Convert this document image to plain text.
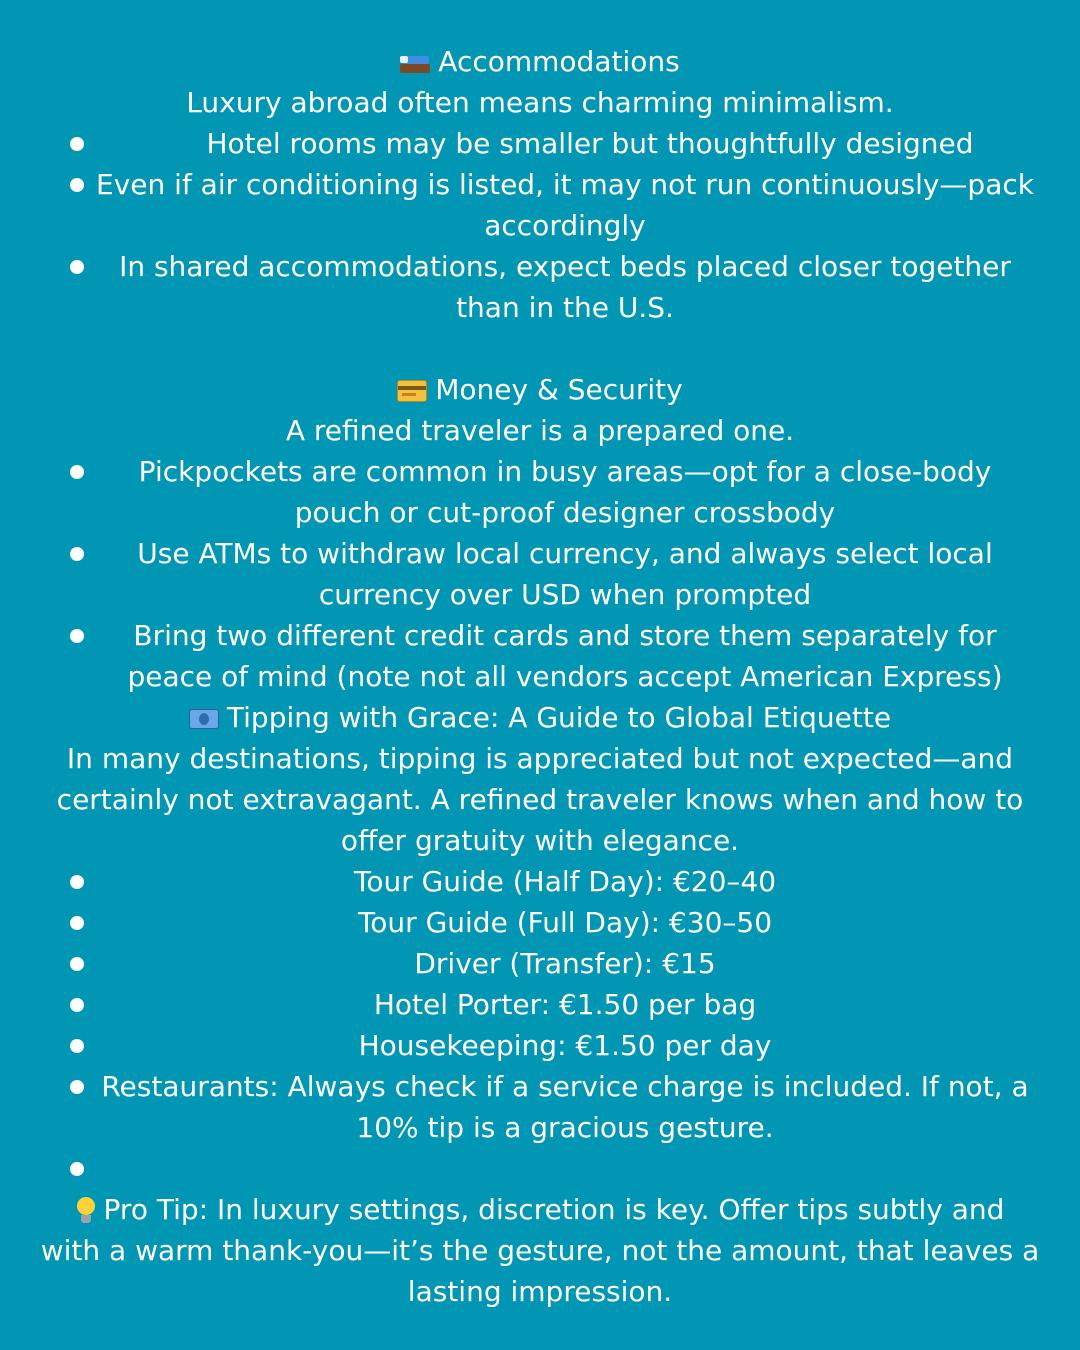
Accommodations
Luxury abroad often means charming minimalism.
Hotel rooms may be smaller but thoughtfully designed
Even if air conditioning is listed, it may not run continuously—pack
accordingly
In shared accommodations, expect beds placed closer together
than in the U.S.
Money & Security
A refined traveler is a prepared one.
Pickpockets are common in busy areas—opt for a close-body
pouch or cut-proof designer crossbody
Use ATMs to withdraw local currency, and always select local
currency over USD when prompted
Bring two different credit cards and store them separately for
peace of mind (note not all vendors accept American Express)
Tipping with Grace: A Guide to Global Etiquette
In many destinations, tipping is appreciated but not expected—and
certainly not extravagant. A refined traveler knows when and how to
offer gratuity with elegance.
Tour Guide (Half Day): €20–40
Tour Guide (Full Day): €30–50
Driver (Transfer): €15
Hotel Porter: €1.50 per bag
Housekeeping: €1.50 per day
Restaurants: Always check if a service charge is included. If not, a
10% tip is a gracious gesture.
Pro Tip: In luxury settings, discretion is key. Offer tips subtly and
with a warm thank-you—it’s the gesture, not the amount, that leaves a
lasting impression.
